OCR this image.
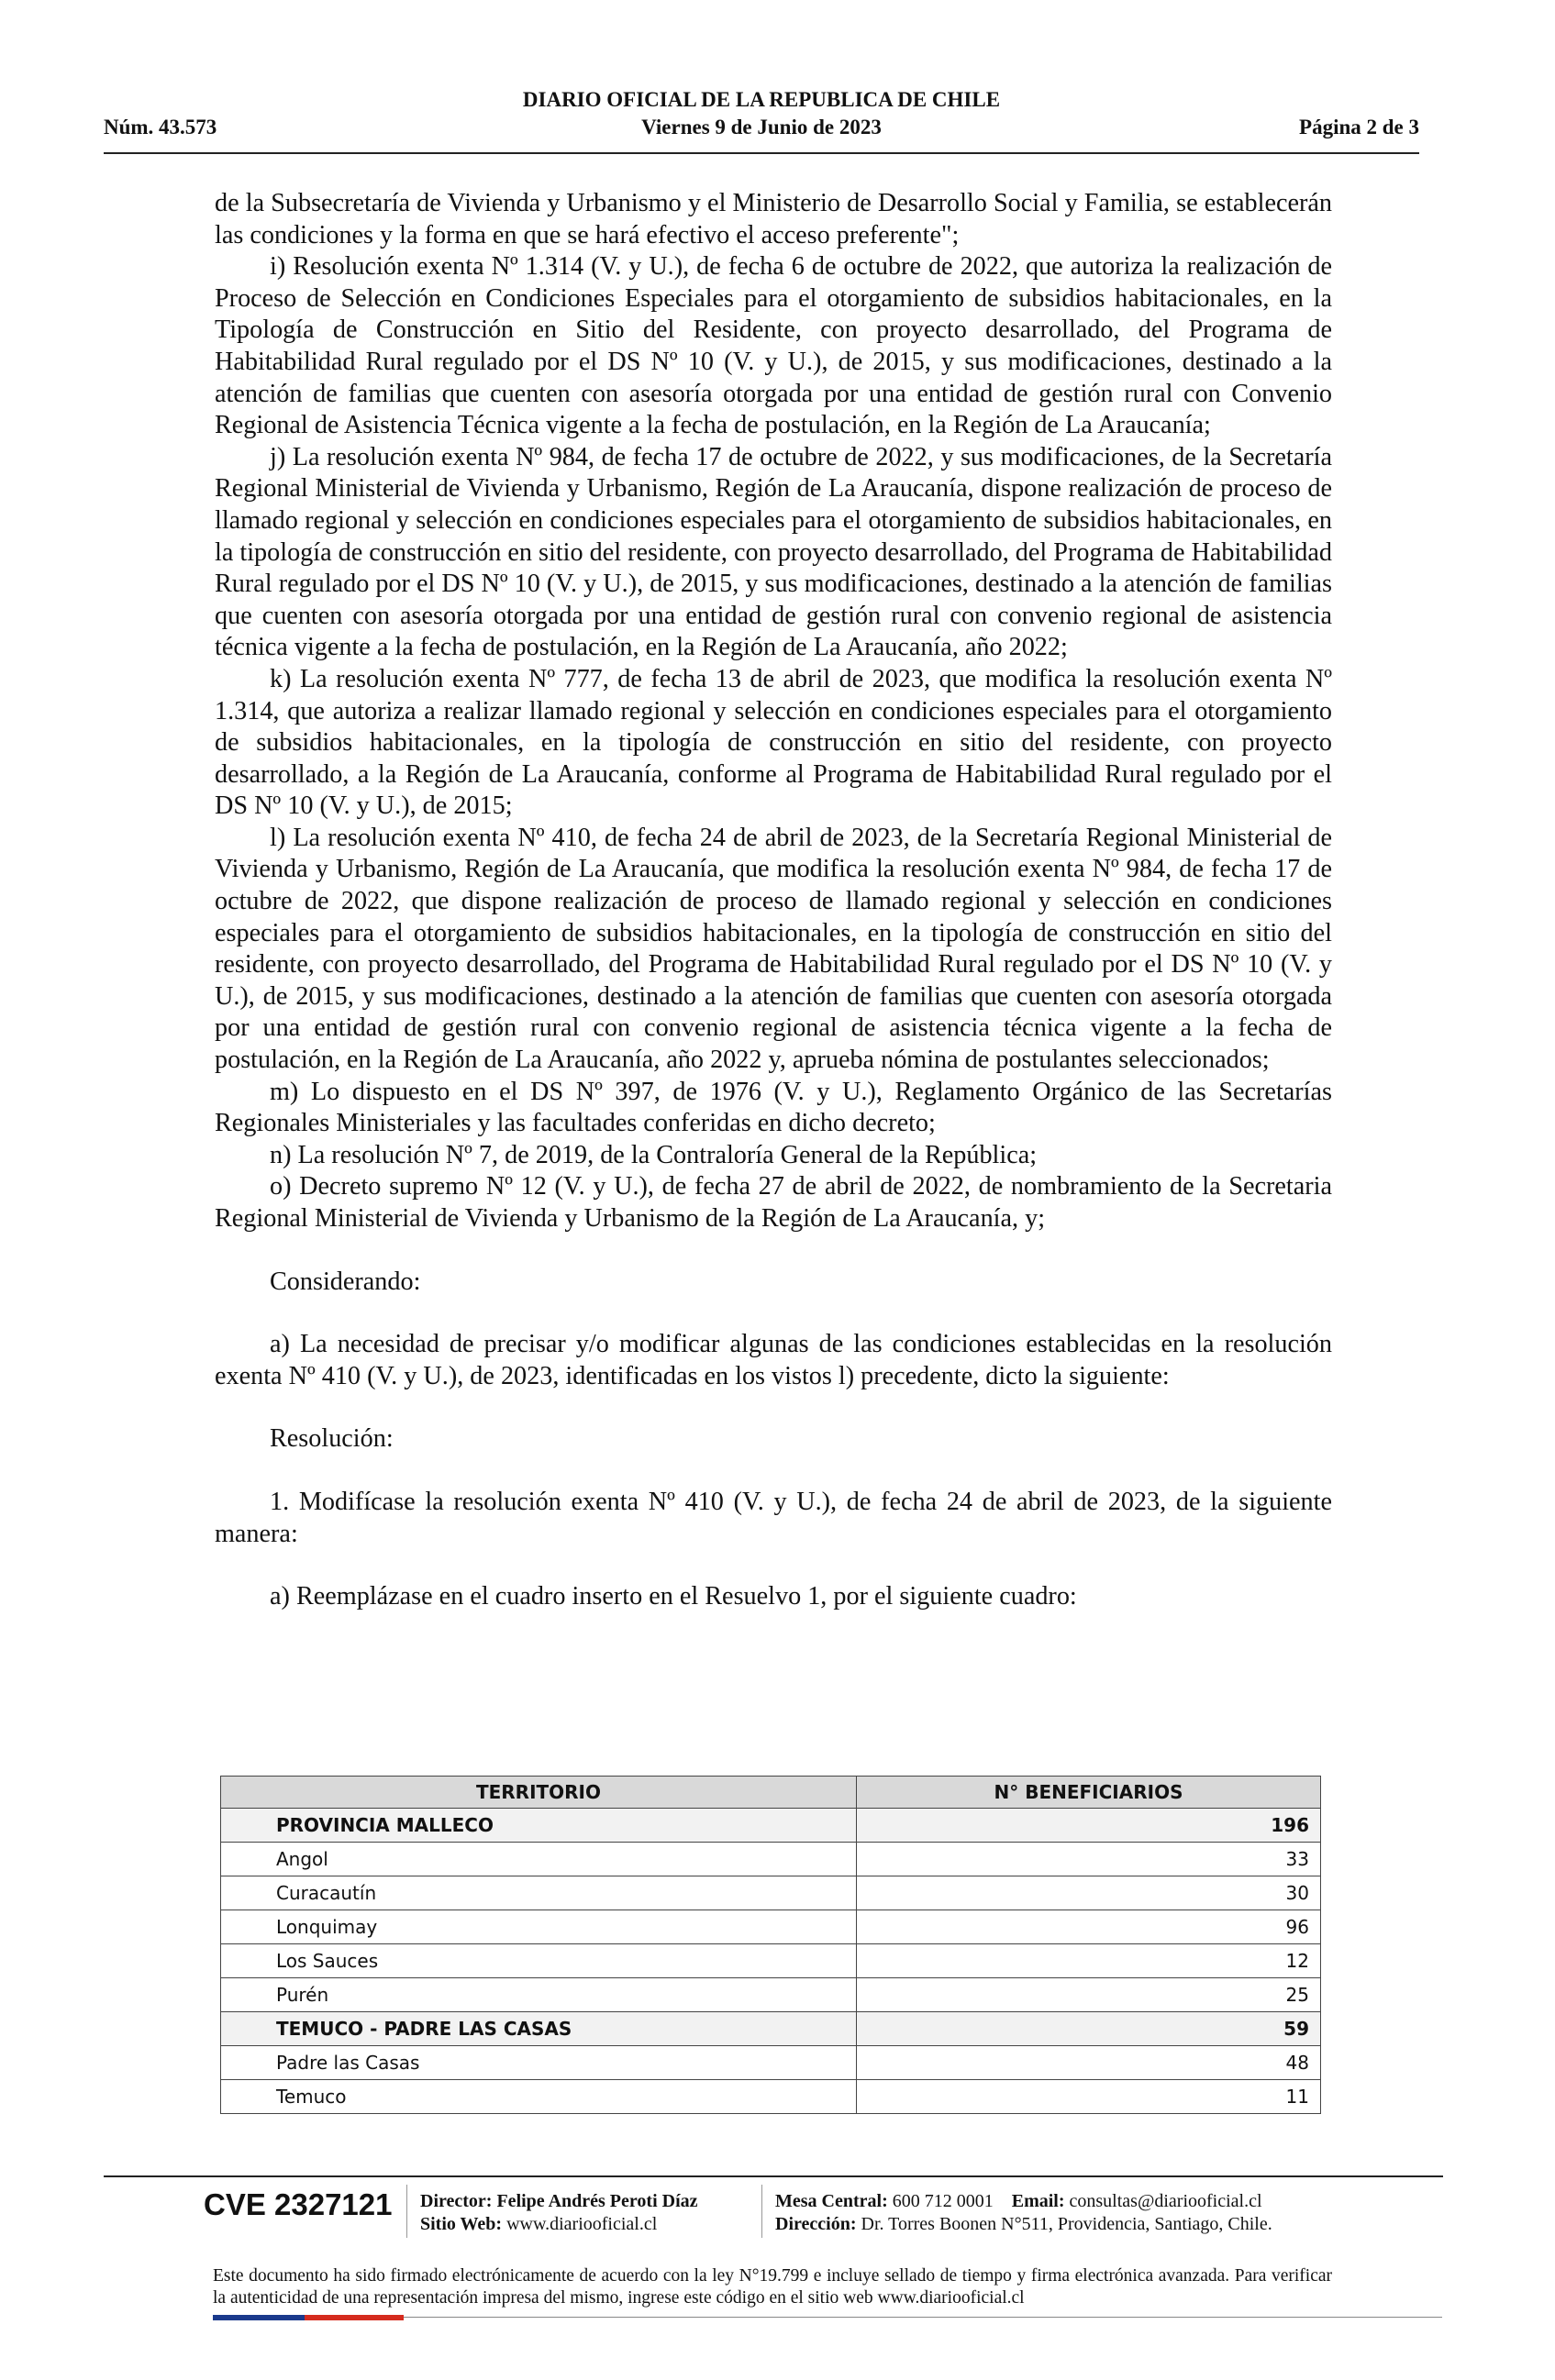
DIARIO OFICIAL DE LA REPUBLICA DE CHILE
Núm. 43.573	Viernes 9 de Junio de 2023	Página 2 de 3

de la Subsecretaría de Vivienda y Urbanismo y el Ministerio de Desarrollo Social y Familia, se establecerán las condiciones y la forma en que se hará efectivo el acceso preferente";

i) Resolución exenta Nº 1.314 (V. y U.), de fecha 6 de octubre de 2022, que autoriza la realización de Proceso de Selección en Condiciones Especiales para el otorgamiento de subsidios habitacionales, en la Tipología de Construcción en Sitio del Residente, con proyecto desarrollado, del Programa de Habitabilidad Rural regulado por el DS Nº 10 (V. y U.), de 2015, y sus modificaciones, destinado a la atención de familias que cuenten con asesoría otorgada por una entidad de gestión rural con Convenio Regional de Asistencia Técnica vigente a la fecha de postulación, en la Región de La Araucanía;

j) La resolución exenta Nº 984, de fecha 17 de octubre de 2022, y sus modificaciones, de la Secretaría Regional Ministerial de Vivienda y Urbanismo, Región de La Araucanía, dispone realización de proceso de llamado regional y selección en condiciones especiales para el otorgamiento de subsidios habitacionales, en la tipología de construcción en sitio del residente, con proyecto desarrollado, del Programa de Habitabilidad Rural regulado por el DS Nº 10 (V. y U.), de 2015, y sus modificaciones, destinado a la atención de familias que cuenten con asesoría otorgada por una entidad de gestión rural con convenio regional de asistencia técnica vigente a la fecha de postulación, en la Región de La Araucanía, año 2022;

k) La resolución exenta Nº 777, de fecha 13 de abril de 2023, que modifica la resolución exenta Nº 1.314, que autoriza a realizar llamado regional y selección en condiciones especiales para el otorgamiento de subsidios habitacionales, en la tipología de construcción en sitio del residente, con proyecto desarrollado, a la Región de La Araucanía, conforme al Programa de Habitabilidad Rural regulado por el DS Nº 10 (V. y U.), de 2015;

l) La resolución exenta Nº 410, de fecha 24 de abril de 2023, de la Secretaría Regional Ministerial de Vivienda y Urbanismo, Región de La Araucanía, que modifica la resolución exenta Nº 984, de fecha 17 de octubre de 2022, que dispone realización de proceso de llamado regional y selección en condiciones especiales para el otorgamiento de subsidios habitacionales, en la tipología de construcción en sitio del residente, con proyecto desarrollado, del Programa de Habitabilidad Rural regulado por el DS Nº 10 (V. y U.), de 2015, y sus modificaciones, destinado a la atención de familias que cuenten con asesoría otorgada por una entidad de gestión rural con convenio regional de asistencia técnica vigente a la fecha de postulación, en la Región de La Araucanía, año 2022 y, aprueba nómina de postulantes seleccionados;

m) Lo dispuesto en el DS Nº 397, de 1976 (V. y U.), Reglamento Orgánico de las Secretarías Regionales Ministeriales y las facultades conferidas en dicho decreto;

n) La resolución Nº 7, de 2019, de la Contraloría General de la República;

o) Decreto supremo Nº 12 (V. y U.), de fecha 27 de abril de 2022, de nombramiento de la Secretaria Regional Ministerial de Vivienda y Urbanismo de la Región de La Araucanía, y;

Considerando:

a) La necesidad de precisar y/o modificar algunas de las condiciones establecidas en la resolución exenta Nº 410 (V. y U.), de 2023, identificadas en los vistos l) precedente, dicto la siguiente:

Resolución:

1. Modifícase la resolución exenta Nº 410 (V. y U.), de fecha 24 de abril de 2023, de la siguiente manera:

a) Reemplázase en el cuadro inserto en el Resuelvo 1, por el siguiente cuadro:

TERRITORIO	N° BENEFICIARIOS
PROVINCIA MALLECO	196
Angol	33
Curacautín	30
Lonquimay	96
Los Sauces	12
Purén	25
TEMUCO - PADRE LAS CASAS	59
Padre las Casas	48
Temuco	11
CVE 2327121 Director: Felipe Andrés Peroti Díaz
Sitio Web: www.diariooficial.cl
Mesa Central: 600 712 0001 Email: consultas@diariooficial.cl
Dirección: Dr. Torres Boonen N°511, Providencia, Santiago, Chile.
Este documento ha sido firmado electrónicamente de acuerdo con la ley N°19.799 e incluye sellado de tiempo y firma electrónica avanzada. Para verificar la autenticidad de una representación impresa del mismo, ingrese este código en el sitio web www.diariooficial.cl
